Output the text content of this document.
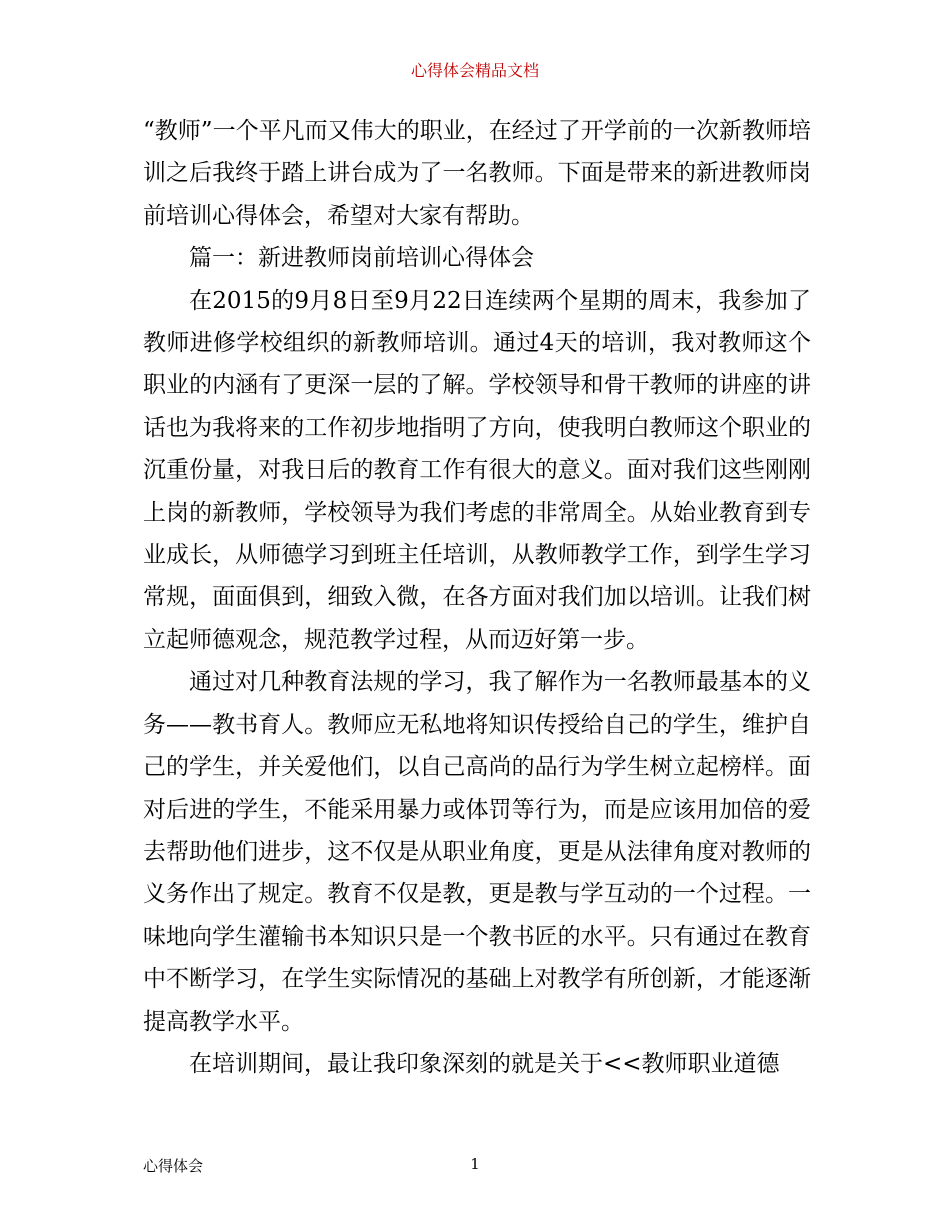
心得体会精品文档

“教师”一个平凡而又伟大的职业，在经过了开学前的一次新教师培训之后我终于踏上讲台成为了一名教师。下面是带来的新进教师岗前培训心得体会，希望对大家有帮助。

篇一：新进教师岗前培训心得体会

在2015的9月8日至9月22日连续两个星期的周末，我参加了教师进修学校组织的新教师培训。通过4天的培训，我对教师这个职业的内涵有了更深一层的了解。学校领导和骨干教师的讲座的讲话也为我将来的工作初步地指明了方向，使我明白教师这个职业的沉重份量，对我日后的教育工作有很大的意义。面对我们这些刚刚上岗的新教师，学校领导为我们考虑的非常周全。从始业教育到专业成长，从师德学习到班主任培训，从教师教学工作，到学生学习常规，面面俱到，细致入微，在各方面对我们加以培训。让我们树立起师德观念，规范教学过程，从而迈好第一步。

通过对几种教育法规的学习，我了解作为一名教师最基本的义务——教书育人。教师应无私地将知识传授给自己的学生，维护自己的学生，并关爱他们，以自己高尚的品行为学生树立起榜样。面对后进的学生，不能采用暴力或体罚等行为，而是应该用加倍的爱去帮助他们进步，这不仅是从职业角度，更是从法律角度对教师的义务作出了规定。教育不仅是教，更是教与学互动的一个过程。一味地向学生灌输书本知识只是一个教书匠的水平。只有通过在教育中不断学习，在学生实际情况的基础上对教学有所创新，才能逐渐提高教学水平。

在培训期间，最让我印象深刻的就是关于<<教师职业道德

心得体会	1
